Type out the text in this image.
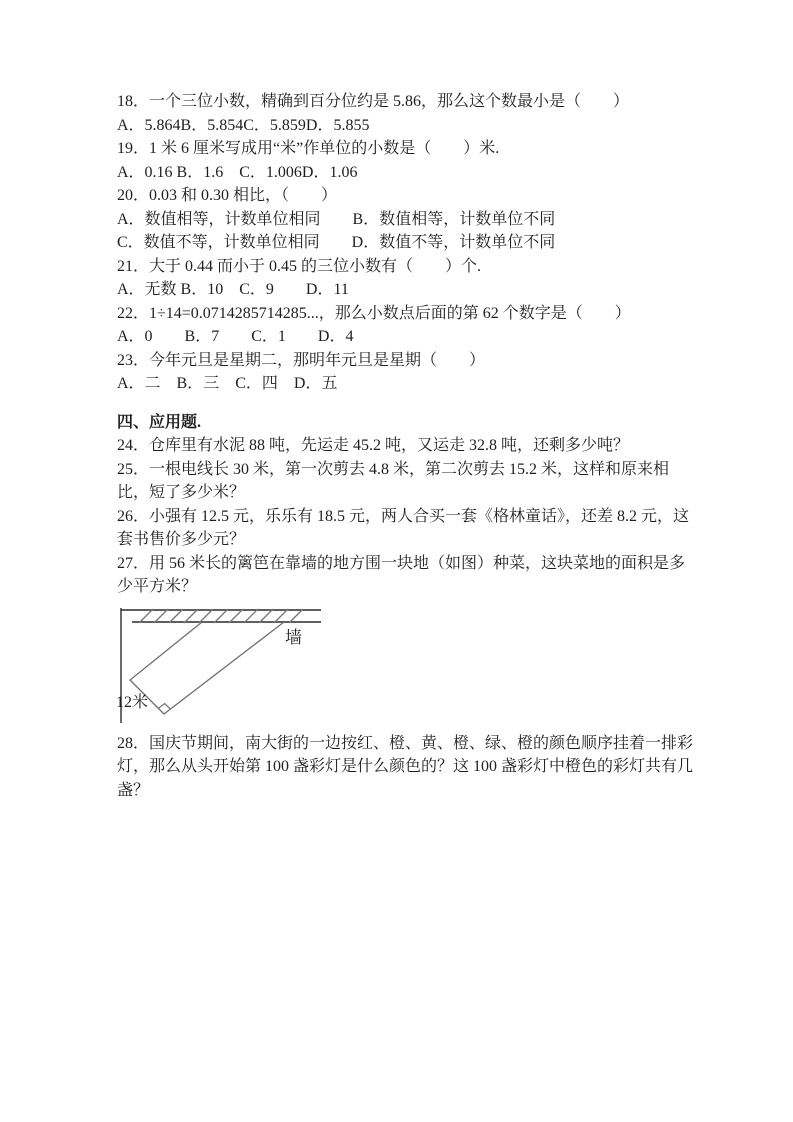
18．一个三位小数，精确到百分位约是 5.86，那么这个数最小是（　　）

A．5.864B．5.854C．5.859D．5.855

19．1 米 6 厘米写成用“米”作单位的小数是（　　）米.

A．0.16 B．1.6　C．1.006D．1.06

20．0.03 和 0.30 相比，（　　）

A．数值相等，计数单位相同　　B．数值相等，计数单位不同

C．数值不等，计数单位相同　　D．数值不等，计数单位不同

21．大于 0.44 而小于 0.45 的三位小数有（　　）个.

A．无数 B．10　C．9　　D．11

22．1÷14=0.0714285714285...，那么小数点后面的第 62 个数字是（　　）

A．0　　B．7　　C．1　　D．4

23．今年元旦是星期二，那明年元旦是星期（　　）

A．二　B．三　C．四　D．五

四、应用题.

24．仓库里有水泥 88 吨，先运走 45.2 吨，又运走 32.8 吨，还剩多少吨？

25．一根电线长 30 米，第一次剪去 4.8 米，第二次剪去 15.2 米，这样和原来相比，短了多少米？

26．小强有 12.5 元，乐乐有 18.5 元，两人合买一套《格林童话》，还差 8.2 元，这套书售价多少元？

27．用 56 米长的篱笆在靠墙的地方围一块地（如图）种菜，这块菜地的面积是多少平方米？

墙
12米

28．国庆节期间，南大街的一边按红、橙、黄、橙、绿、橙的颜色顺序挂着一排彩灯，那么从头开始第 100 盏彩灯是什么颜色的？这 100 盏彩灯中橙色的彩灯共有几盏？
